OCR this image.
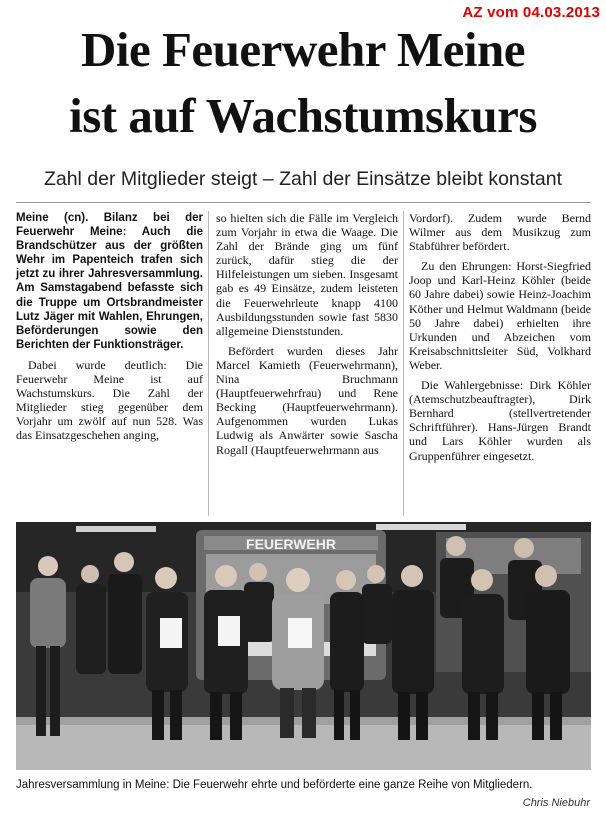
AZ vom 04.03.2013
Die Feuerwehr Meine
ist auf Wachstumskurs
Zahl der Mitglieder steigt – Zahl der Einsätze bleibt konstant

Meine (cn). Bilanz bei der Feuerwehr Meine: Auch die Brandschützer aus der größten Wehr im Papenteich trafen sich jetzt zu ihrer Jahresversammlung. Am Samstagabend befasste sich die Truppe um Ortsbrandmeister Lutz Jäger mit Wahlen, Ehrungen, Beförderungen sowie den Berichten der Funktionsträger.

Dabei wurde deutlich: Die Feuerwehr Meine ist auf Wachstumskurs. Die Zahl der Mitglieder stieg gegenüber dem Vorjahr um zwölf auf nun 528. Was das Einsatzgeschehen anging,

so hielten sich die Fälle im Vergleich zum Vorjahr in etwa die Waage. Die Zahl der Brände ging um fünf zurück, dafür stieg die der Hilfeleistungen um sieben. Insgesamt gab es 49 Einsätze, zudem leisteten die Feuerwehrleute knapp 4100 Ausbildungsstunden sowie fast 5830 allgemeine Dienststunden.

Befördert wurden dieses Jahr Marcel Kamieth (Feuerwehrmann), Nina Bruchmann (Hauptfeuerwehrfrau) und Rene Becking (Hauptfeuerwehrmann). Aufgenommen wurden Lukas Ludwig als Anwärter sowie Sascha Rogall (Hauptfeuerwehrmann aus

Vordorf). Zudem wurde Bernd Wilmer aus dem Musikzug zum Stabführer befördert.

Zu den Ehrungen: Horst-Siegfried Joop und Karl-Heinz Köhler (beide 60 Jahre dabei) sowie Heinz-Joachim Köther und Helmut Waldmann (beide 50 Jahre dabei) erhielten ihre Urkunden und Abzeichen vom Kreisabschnittsleiter Süd, Volkhard Weber.

Die Wahlergebnisse: Dirk Köhler (Atemschutzbeauftragter), Dirk Bernhard (stellvertretender Schriftführer). Hans-Jürgen Brandt und Lars Köhler wurden als Gruppenführer eingesetzt.

FEUERWEHR
Jahresversammlung in Meine: Die Feuerwehr ehrte und beförderte eine ganze Reihe von Mitgliedern.
Chris Niebuhr
